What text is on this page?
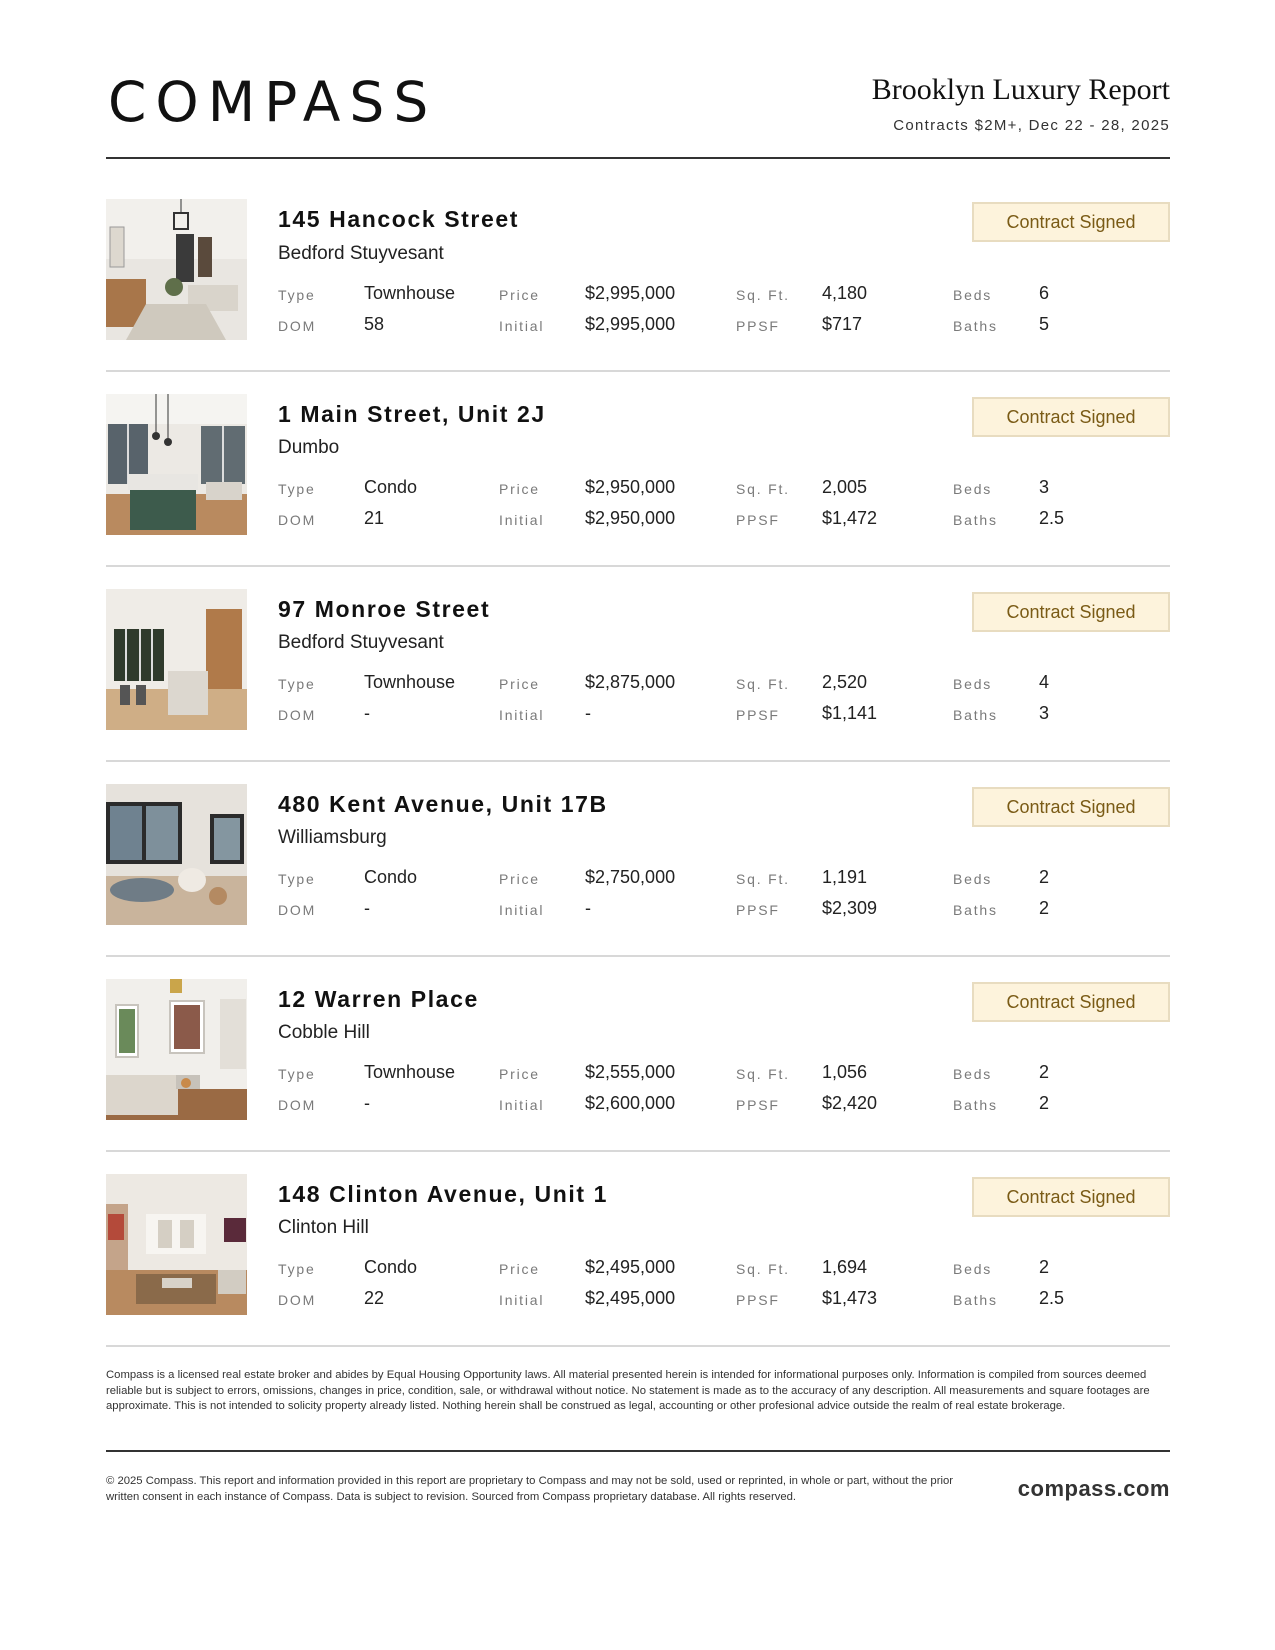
COMPASS	Brooklyn Luxury Report
Contracts $2M+, Dec 22 - 28, 2025
145 Hancock Street
Bedford Stuyvesant
Contract Signed
Type	Townhouse	Price	$2,995,000	Sq. Ft. 4,180	Beds	6
DOM	58	Initial $2,995,000	PPSF $717	Baths 5
1 Main Street, Unit 2J
Dumbo
Contract Signed
Type	Condo	Price	$2,950,000	Sq. Ft. 2,005	Beds	3
DOM	21	Initial $2,950,000	PPSF $1,472	Baths 2.5
97 Monroe Street
Bedford Stuyvesant
Contract Signed
Type	Townhouse	Price	$2,875,000	Sq. Ft. 2,520	Beds	4
DOM	-	Initial -	PPSF $1,141	Baths 3
480 Kent Avenue, Unit 17B
Williamsburg
Contract Signed
Type	Condo	Price	$2,750,000	Sq. Ft. 1,191	Beds	2
DOM	-	Initial -	PPSF $2,309	Baths 2
12 Warren Place
Cobble Hill
Contract Signed
Type	Townhouse	Price	$2,555,000	Sq. Ft. 1,056	Beds	2
DOM	-	Initial $2,600,000	PPSF $2,420	Baths 2
148 Clinton Avenue, Unit 1
Clinton Hill
Contract Signed
Type	Condo	Price	$2,495,000	Sq. Ft. 1,694	Beds	2
DOM	22	Initial $2,495,000	PPSF $1,473	Baths 2.5
Compass is a licensed real estate broker and abides by Equal Housing Opportunity laws. All material presented herein is intended for informational purposes only. Information is compiled from sources deemed reliable but is subject to errors, omissions, changes in price, condition, sale, or withdrawal without notice. No statement is made as to the accuracy of any description. All measurements and square footages are approximate. This is not intended to solicity property already listed. Nothing herein shall be construed as legal, accounting or other profesional advice outside the realm of real estate brokerage.
© 2025 Compass. This report and information provided in this report are proprietary to Compass and may not be sold, used or reprinted, in whole or part, without the prior written consent in each instance of Compass. Data is subject to revision. Sourced from Compass proprietary database. All rights reserved.	compass.com
